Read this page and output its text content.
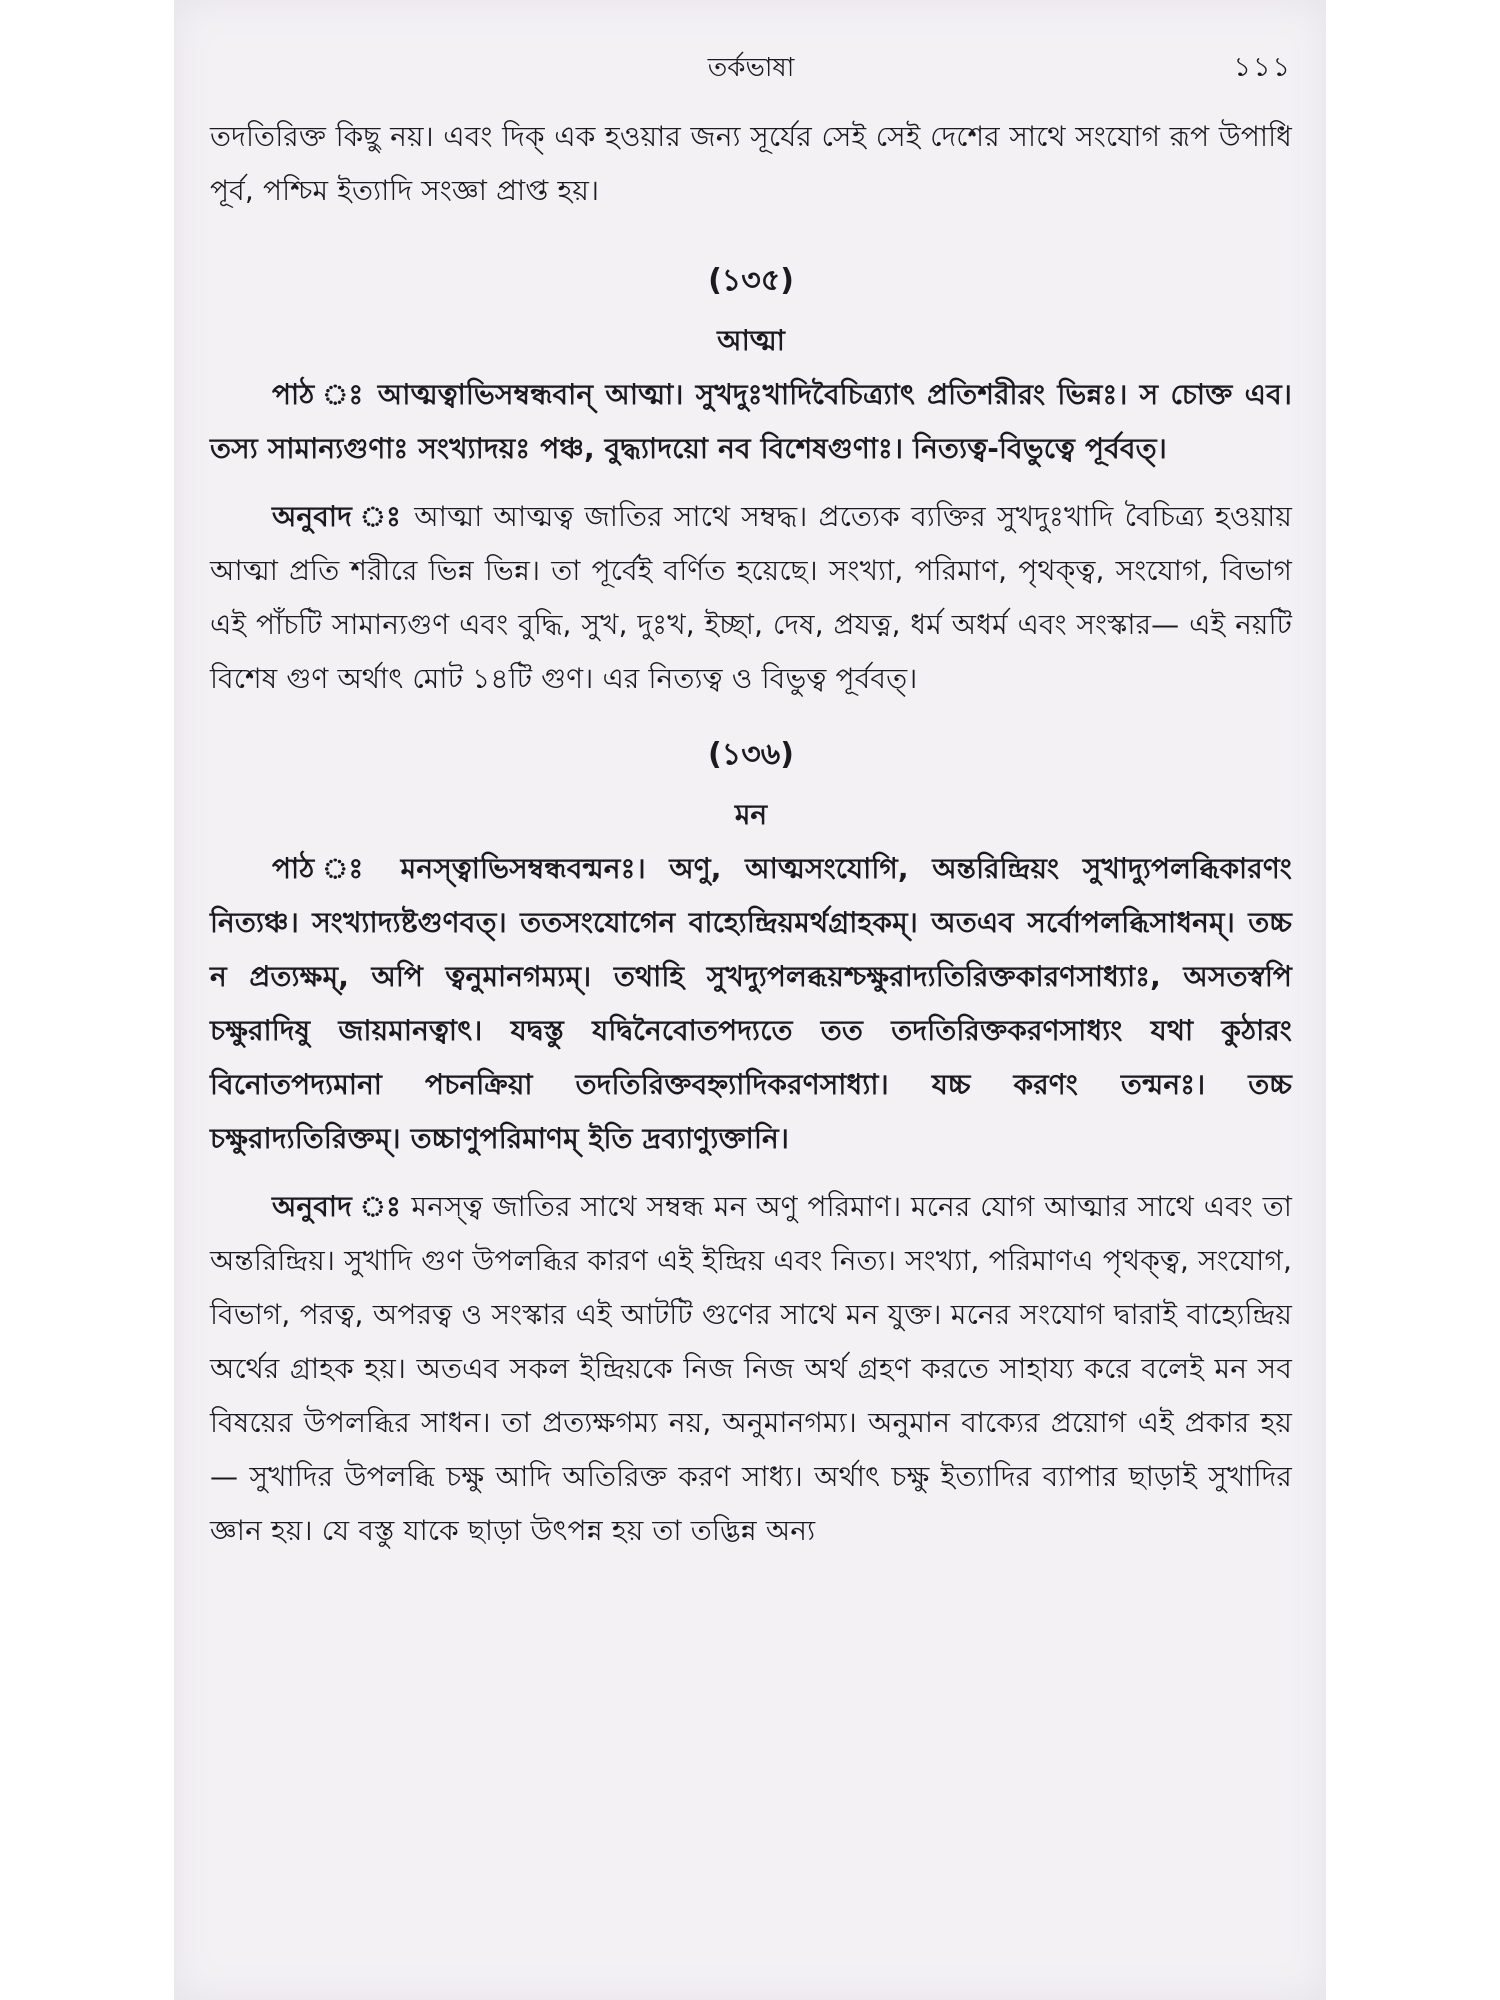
তর্কভাষা	১১১

তদতিরিক্ত কিছু নয়। এবং দিক্ এক হওয়ার জন্য সূর্যের সেই সেই দেশের সাথে সংযোগ রূপ উপাধি পূর্ব, পশ্চিম ইত্যাদি সংজ্ঞা প্রাপ্ত হয়।

(১৩৫)
আত্মা

পাঠ ঃ আত্মত্বাভিসম্বন্ধবান্ আত্মা। সুখদুঃখাদিবৈচিত্র্যাৎ প্রতিশরীরং ভিন্নঃ। স চোক্ত এব। তস্য সামান্যগুণাঃ সংখ্যাদয়ঃ পঞ্চ, বুদ্ধ্যাদয়ো নব বিশেষগুণাঃ। নিত্যত্ব-বিভুত্বে পূর্ববত্।

অনুবাদ ঃ আত্মা আত্মত্ব জাতির সাথে সম্বদ্ধ। প্রত্যেক ব্যক্তির সুখদুঃখাদি বৈচিত্র্য হওয়ায় আত্মা প্রতি শরীরে ভিন্ন ভিন্ন। তা পূর্বেই বর্ণিত হয়েছে। সংখ্যা, পরিমাণ, পৃথক্ত্ব, সংযোগ, বিভাগ এই পাঁচটি সামান্যগুণ এবং বুদ্ধি, সুখ, দুঃখ, ইচ্ছা, দেষ, প্রযত্ন, ধর্ম অধর্ম এবং সংস্কার— এই নয়টি বিশেষ গুণ অর্থাৎ মোট ১৪টি গুণ। এর নিত্যত্ব ও বিভুত্ব পূর্ববত্।

(১৩৬)
মন

পাঠ ঃ মনস্ত্বাভিসম্বন্ধবন্মনঃ। অণু, আত্মসংযোগি, অন্তরিন্দ্রিয়ং সুখাদ্যুপলব্ধিকারণং নিত্যঞ্চ। সংখ্যাদ্যষ্টগুণবত্। ততসংযোগেন বাহ্যেন্দ্রিয়মর্থগ্রাহকম্। অতএব সর্বোপলব্ধিসাধনম্। তচ্চ ন প্রত্যক্ষম্, অপি ত্বনুমানগম্যম্। তথাহি সুখদ্যুপলব্ধয়শ্চক্ষুরাদ্যতিরিক্তকারণসাধ্যাঃ, অসতস্বপি চক্ষুরাদিষু জায়মানত্বাৎ। যদ্বস্তু যদ্বিনৈবোতপদ্যতে তত তদতিরিক্তকরণসাধ্যং যথা কুঠারং বিনোতপদ্যমানা পচনক্রিয়া তদতিরিক্তবহ্ন্যাদিকরণসাধ্যা। যচ্চ করণং তন্মনঃ। তচ্চ চক্ষুরাদ্যতিরিক্তম্। তচ্চাণুপরিমাণম্ ইতি দ্রব্যাণ্যুক্তানি।

অনুবাদ ঃ মনস্ত্ব জাতির সাথে সম্বন্ধ মন অণু পরিমাণ। মনের যোগ আত্মার সাথে এবং তা অন্তরিন্দ্রিয়। সুখাদি গুণ উপলব্ধির কারণ এই ইন্দ্রিয় এবং নিত্য। সংখ্যা, পরিমাণএ পৃথক্ত্ব, সংযোগ, বিভাগ, পরত্ব, অপরত্ব ও সংস্কার এই আটটি গুণের সাথে মন যুক্ত। মনের সংযোগ দ্বারাই বাহ্যেন্দ্রিয় অর্থের গ্রাহক হয়। অতএব সকল ইন্দ্রিয়কে নিজ নিজ অর্থ গ্রহণ করতে সাহায্য করে বলেই মন সব বিষয়ের উপলব্ধির সাধন। তা প্রত্যক্ষগম্য নয়, অনুমানগম্য। অনুমান বাক্যের প্রয়োগ এই প্রকার হয়— সুখাদির উপলব্ধি চক্ষু আদি অতিরিক্ত করণ সাধ্য। অর্থাৎ চক্ষু ইত্যাদির ব্যাপার ছাড়াই সুখাদির জ্ঞান হয়। যে বস্তু যাকে ছাড়া উৎপন্ন হয় তা তদ্ভিন্ন অন্য
